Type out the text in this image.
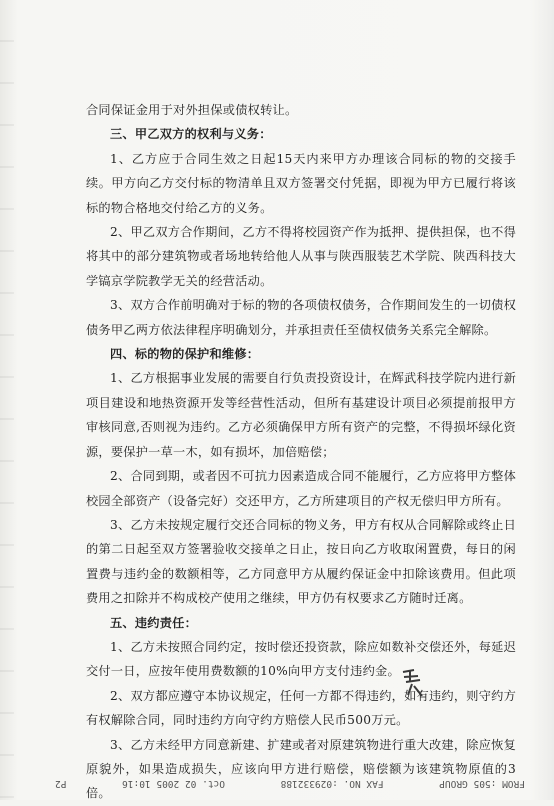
合同保证金用于对外担保或债权转让。

三、甲乙双方的权利与义务：

1、乙方应于合同生效之日起15天内来甲方办理该合同标的物的交接手续。甲方向乙方交付标的物清单且双方签署交付凭据，即视为甲方已履行将该标的物合格地交付给乙方的义务。

2、甲乙双方合作期间，乙方不得将校园资产作为抵押、提供担保，也不得将其中的部分建筑物或者场地转给他人从事与陕西服装艺术学院、陕西科技大学镐京学院教学无关的经营活动。

3、双方合作前明确对于标的物的各项债权债务，合作期间发生的一切债权债务甲乙两方依法律程序明确划分，并承担责任至债权债务关系完全解除。

四、标的物的保护和维修：

1、乙方根据事业发展的需要自行负责投资设计，在辉武科技学院内进行新项目建设和地热资源开发等经营性活动，但所有基建设计项目必须提前报甲方审核同意,否则视为违约。乙方必须确保甲方所有资产的完整，不得损坏绿化资源，要保护一草一木，如有损坏，加倍赔偿；

2、合同到期，或者因不可抗力因素造成合同不能履行，乙方应将甲方整体校园全部资产（设备完好）交还甲方，乙方所建项目的产权无偿归甲方所有。

3、乙方未按规定履行交还合同标的物义务，甲方有权从合同解除或终止日的第二日起至双方签署验收交接单之日止，按日向乙方收取闲置费，每日的闲置费与违约金的数额相等，乙方同意甲方从履约保证金中扣除该费用。但此项费用之扣除并不构成校产使用之继续，甲方仍有权要求乙方随时迁离。

五、违约责任：

1、乙方未按照合同约定，按时偿还投资款，除应如数补交偿还外，每延迟交付一日，应按年使用费数额的10%向甲方支付违约金。

2、双方都应遵守本协议规定，任何一方都不得违约，如有违约，则守约方有权解除合同，同时违约方向守约方赔偿人民币500万元。

3、乙方未经甲方同意新建、扩建或者对原建筑物进行重大改建，除应恢复原貌外，如果造成损失，应该向甲方进行赔偿，赔偿额为该建筑物原值的3倍。

FROM :505 GROUP
FAX NO. :029332188
Oct. 02 2005 10:16
P2
